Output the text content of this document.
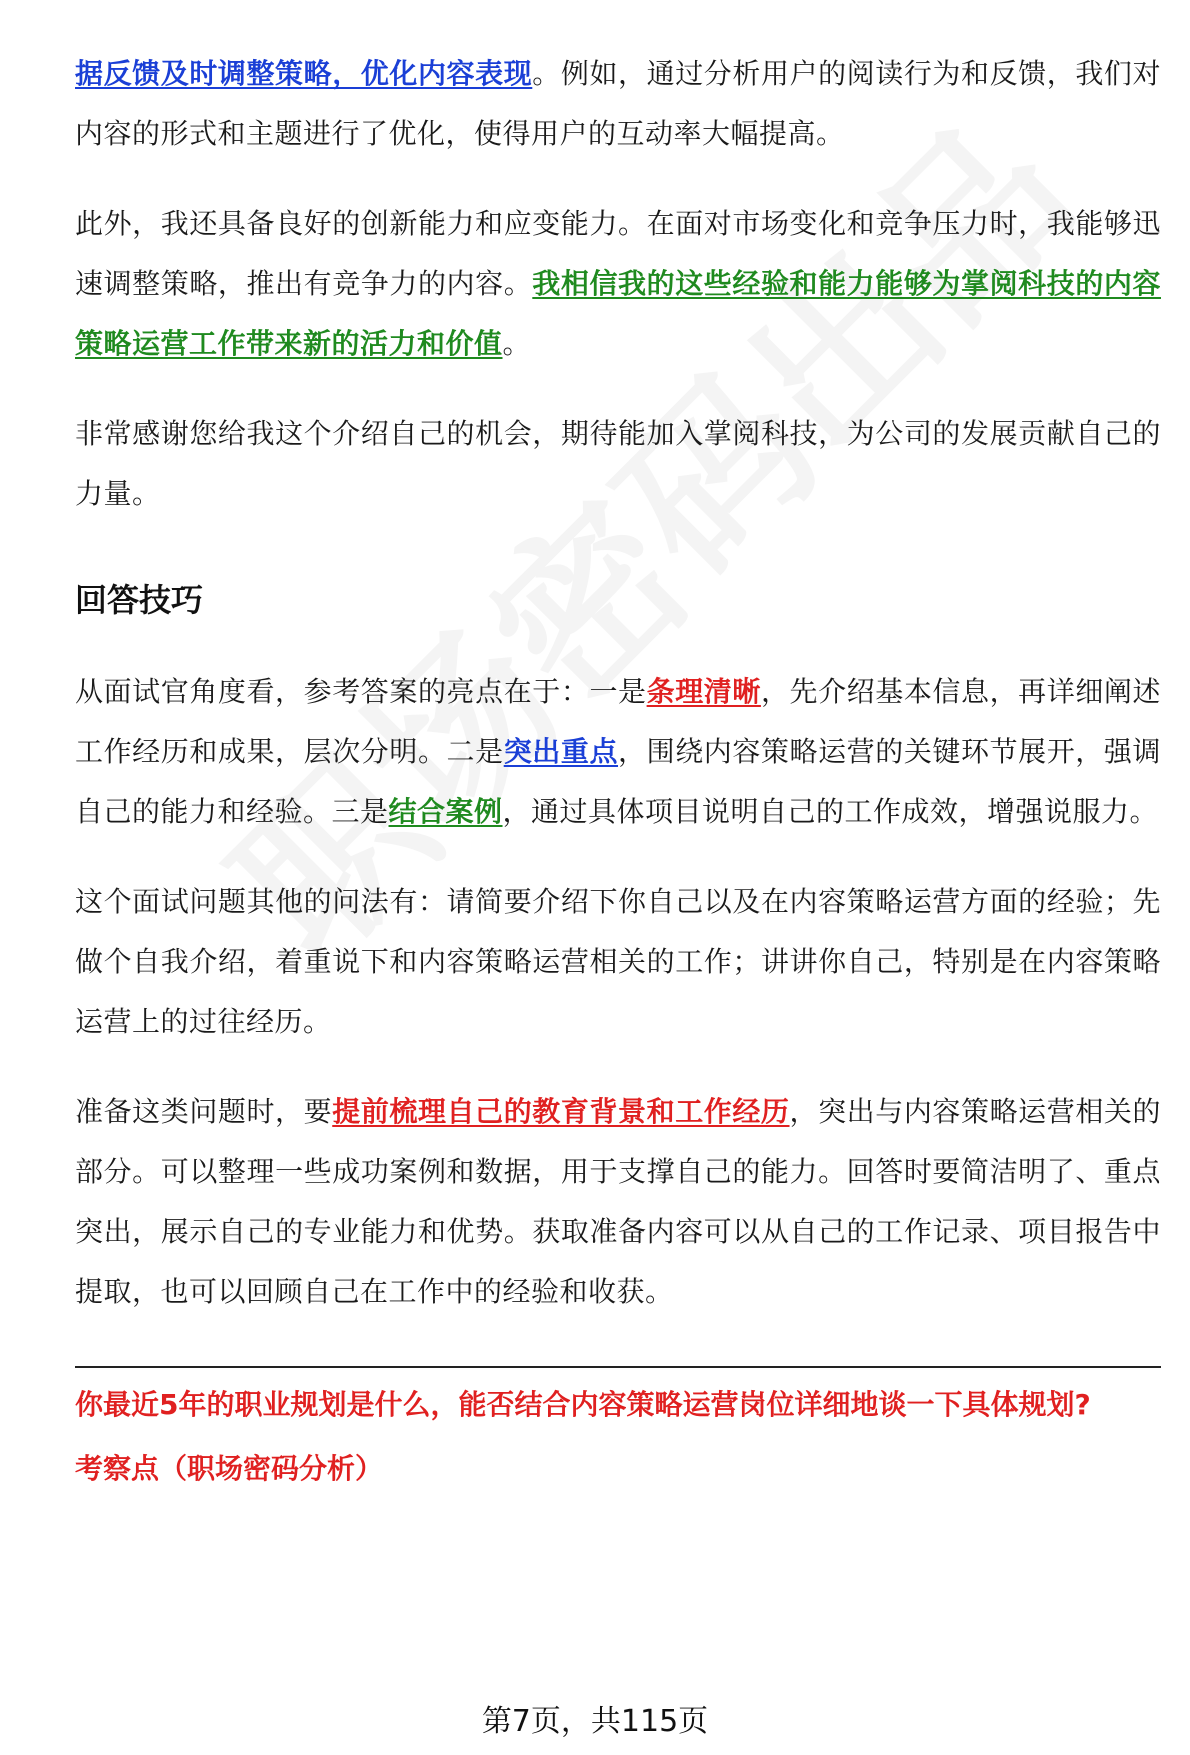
据反馈及时调整策略，优化内容表现。例如，通过分析用户的阅读行为和反馈，我们对内容的形式和主题进行了优化，使得用户的互动率大幅提高。

此外，我还具备良好的创新能力和应变能力。在面对市场变化和竞争压力时，我能够迅速调整策略，推出有竞争力的内容。我相信我的这些经验和能力能够为掌阅科技的内容策略运营工作带来新的活力和价值。

非常感谢您给我这个介绍自己的机会，期待能加入掌阅科技，为公司的发展贡献自己的力量。

回答技巧

从面试官角度看，参考答案的亮点在于：一是条理清晰，先介绍基本信息，再详细阐述工作经历和成果，层次分明。二是突出重点，围绕内容策略运营的关键环节展开，强调自己的能力和经验。三是结合案例，通过具体项目说明自己的工作成效，增强说服力。

这个面试问题其他的问法有：请简要介绍下你自己以及在内容策略运营方面的经验；先做个自我介绍，着重说下和内容策略运营相关的工作；讲讲你自己，特别是在内容策略运营上的过往经历。

准备这类问题时，要提前梳理自己的教育背景和工作经历，突出与内容策略运营相关的部分。可以整理一些成功案例和数据，用于支撑自己的能力。回答时要简洁明了、重点突出，展示自己的专业能力和优势。获取准备内容可以从自己的工作记录、项目报告中提取，也可以回顾自己在工作中的经验和收获。

你最近5年的职业规划是什么，能否结合内容策略运营岗位详细地谈一下具体规划?
考察点（职场密码分析）
第7页，共115页
